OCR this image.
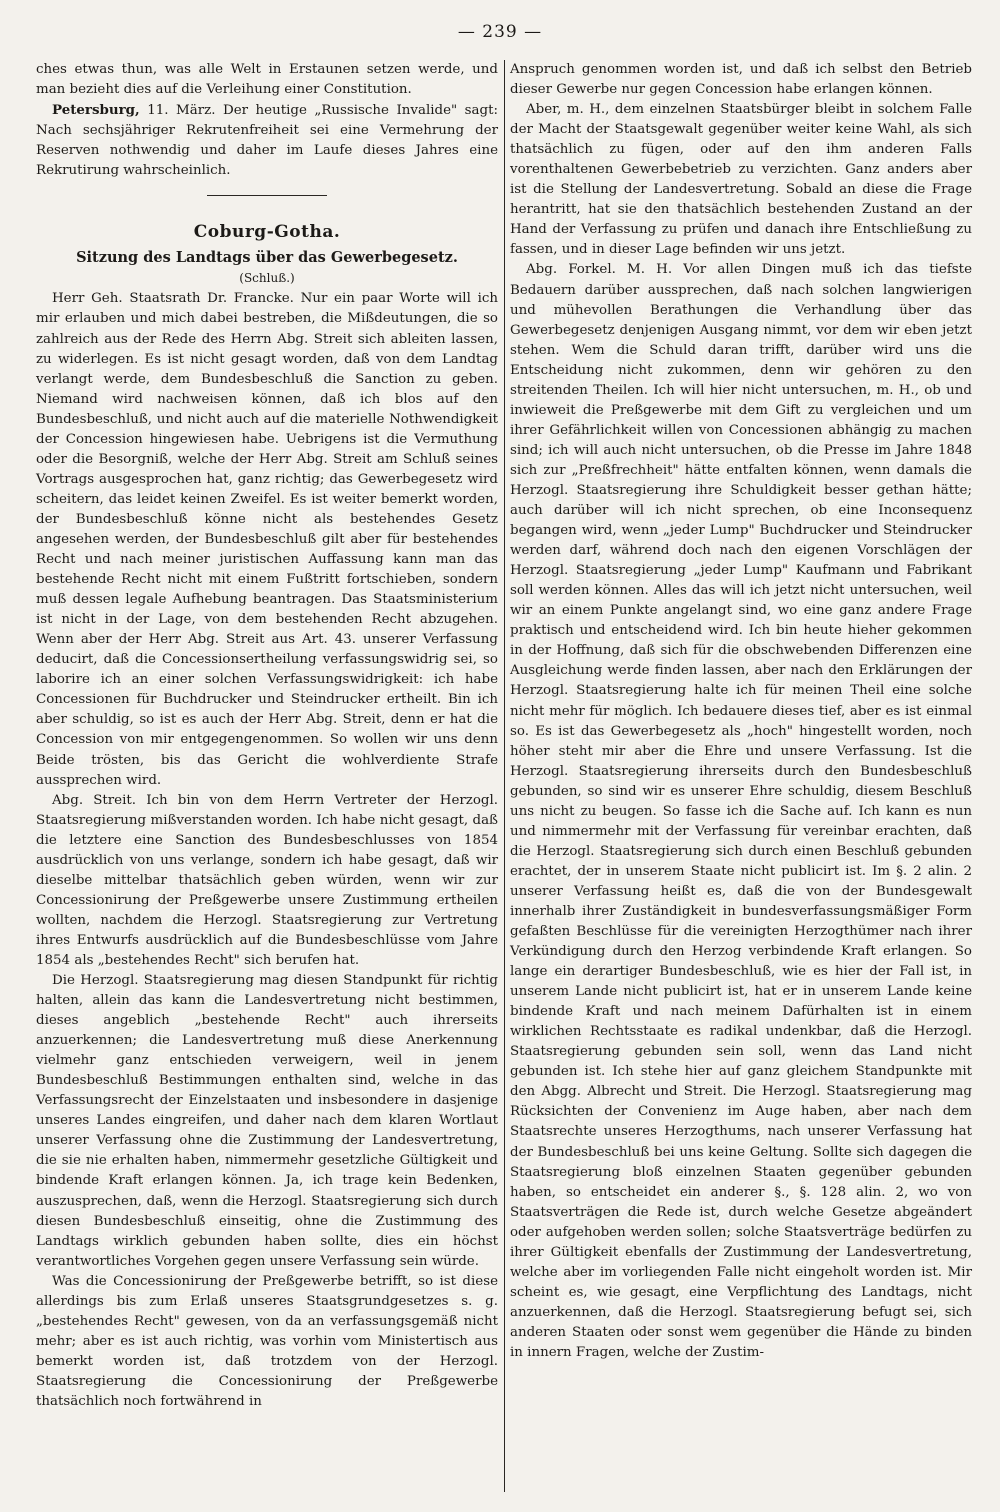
— 239 —

ches etwas thun, was alle Welt in Erstaunen setzen werde, und man bezieht dies auf die Verleihung einer Constitution.

Petersburg, 11. März. Der heutige „Russische Invalide" sagt: Nach sechsjähriger Rekrutenfreiheit sei eine Vermehrung der Reserven nothwendig und daher im Laufe dieses Jahres eine Rekrutirung wahrscheinlich.

Coburg-Gotha.
Sitzung des Landtags über das Gewerbegesetz.
(Schluß.)

Herr Geh. Staatsrath Dr. Francke. Nur ein paar Worte will ich mir erlauben und mich dabei bestreben, die Mißdeutungen, die so zahlreich aus der Rede des Herrn Abg. Streit sich ableiten lassen, zu widerlegen. Es ist nicht gesagt worden, daß von dem Landtag verlangt werde, dem Bundesbeschluß die Sanction zu geben. Niemand wird nachweisen können, daß ich blos auf den Bundesbeschluß, und nicht auch auf die materielle Nothwendigkeit der Concession hingewiesen habe. Uebrigens ist die Vermuthung oder die Besorgniß, welche der Herr Abg. Streit am Schluß seines Vortrags ausgesprochen hat, ganz richtig; das Gewerbegesetz wird scheitern, das leidet keinen Zweifel. Es ist weiter bemerkt worden, der Bundesbeschluß könne nicht als bestehendes Gesetz angesehen werden, der Bundesbeschluß gilt aber für bestehendes Recht und nach meiner juristischen Auffassung kann man das bestehende Recht nicht mit einem Fußtritt fortschieben, sondern muß dessen legale Aufhebung beantragen. Das Staatsministerium ist nicht in der Lage, von dem bestehenden Recht abzugehen. Wenn aber der Herr Abg. Streit aus Art. 43. unserer Verfassung deducirt, daß die Concessionsertheilung verfassungswidrig sei, so laborire ich an einer solchen Verfassungswidrigkeit: ich habe Concessionen für Buchdrucker und Steindrucker ertheilt. Bin ich aber schuldig, so ist es auch der Herr Abg. Streit, denn er hat die Concession von mir entgegengenommen. So wollen wir uns denn Beide trösten, bis das Gericht die wohlverdiente Strafe aussprechen wird.

Abg. Streit. Ich bin von dem Herrn Vertreter der Herzogl. Staatsregierung mißverstanden worden. Ich habe nicht gesagt, daß die letztere eine Sanction des Bundesbeschlusses von 1854 ausdrücklich von uns verlange, sondern ich habe gesagt, daß wir dieselbe mittelbar thatsächlich geben würden, wenn wir zur Concessionirung der Preßgewerbe unsere Zustimmung ertheilen wollten, nachdem die Herzogl. Staatsregierung zur Vertretung ihres Entwurfs ausdrücklich auf die Bundesbeschlüsse vom Jahre 1854 als „bestehendes Recht" sich berufen hat.

Die Herzogl. Staatsregierung mag diesen Standpunkt für richtig halten, allein das kann die Landesvertretung nicht bestimmen, dieses angeblich „bestehende Recht" auch ihrerseits anzuerkennen; die Landesvertretung muß diese Anerkennung vielmehr ganz entschieden verweigern, weil in jenem Bundesbeschluß Bestimmungen enthalten sind, welche in das Verfassungsrecht der Einzelstaaten und insbesondere in dasjenige unseres Landes eingreifen, und daher nach dem klaren Wortlaut unserer Verfassung ohne die Zustimmung der Landesvertretung, die sie nie erhalten haben, nimmermehr gesetzliche Gültigkeit und bindende Kraft erlangen können. Ja, ich trage kein Bedenken, auszusprechen, daß, wenn die Herzogl. Staatsregierung sich durch diesen Bundesbeschluß einseitig, ohne die Zustimmung des Landtags wirklich gebunden haben sollte, dies ein höchst verantwortliches Vorgehen gegen unsere Verfassung sein würde.

Was die Concessionirung der Preßgewerbe betrifft, so ist diese allerdings bis zum Erlaß unseres Staatsgrundgesetzes s. g. „bestehendes Recht" gewesen, von da an verfassungsgemäß nicht mehr; aber es ist auch richtig, was vorhin vom Ministertisch aus bemerkt worden ist, daß trotzdem von der Herzogl. Staatsregierung die Concessionirung der Preßgewerbe thatsächlich noch fortwährend in

Anspruch genommen worden ist, und daß ich selbst den Betrieb dieser Gewerbe nur gegen Concession habe erlangen können.

Aber, m. H., dem einzelnen Staatsbürger bleibt in solchem Falle der Macht der Staatsgewalt gegenüber weiter keine Wahl, als sich thatsächlich zu fügen, oder auf den ihm anderen Falls vorenthaltenen Gewerbebetrieb zu verzichten. Ganz anders aber ist die Stellung der Landesvertretung. Sobald an diese die Frage herantritt, hat sie den thatsächlich bestehenden Zustand an der Hand der Verfassung zu prüfen und danach ihre Entschließung zu fassen, und in dieser Lage befinden wir uns jetzt.

Abg. Forkel. M. H. Vor allen Dingen muß ich das tiefste Bedauern darüber aussprechen, daß nach solchen langwierigen und mühevollen Berathungen die Verhandlung über das Gewerbegesetz denjenigen Ausgang nimmt, vor dem wir eben jetzt stehen. Wem die Schuld daran trifft, darüber wird uns die Entscheidung nicht zukommen, denn wir gehören zu den streitenden Theilen. Ich will hier nicht untersuchen, m. H., ob und inwieweit die Preßgewerbe mit dem Gift zu vergleichen und um ihrer Gefährlichkeit willen von Concessionen abhängig zu machen sind; ich will auch nicht untersuchen, ob die Presse im Jahre 1848 sich zur „Preßfrechheit" hätte entfalten können, wenn damals die Herzogl. Staatsregierung ihre Schuldigkeit besser gethan hätte; auch darüber will ich nicht sprechen, ob eine Inconsequenz begangen wird, wenn „jeder Lump" Buchdrucker und Steindrucker werden darf, während doch nach den eigenen Vorschlägen der Herzogl. Staatsregierung „jeder Lump" Kaufmann und Fabrikant soll werden können. Alles das will ich jetzt nicht untersuchen, weil wir an einem Punkte angelangt sind, wo eine ganz andere Frage praktisch und entscheidend wird. Ich bin heute hieher gekommen in der Hoffnung, daß sich für die obschwebenden Differenzen eine Ausgleichung werde finden lassen, aber nach den Erklärungen der Herzogl. Staatsregierung halte ich für meinen Theil eine solche nicht mehr für möglich. Ich bedauere dieses tief, aber es ist einmal so. Es ist das Gewerbegesetz als „hoch" hingestellt worden, noch höher steht mir aber die Ehre und unsere Verfassung. Ist die Herzogl. Staatsregierung ihrerseits durch den Bundesbeschluß gebunden, so sind wir es unserer Ehre schuldig, diesem Beschluß uns nicht zu beugen. So fasse ich die Sache auf. Ich kann es nun und nimmermehr mit der Verfassung für vereinbar erachten, daß die Herzogl. Staatsregierung sich durch einen Beschluß gebunden erachtet, der in unserem Staate nicht publicirt ist. Im §. 2 alin. 2 unserer Verfassung heißt es, daß die von der Bundesgewalt innerhalb ihrer Zuständigkeit in bundesverfassungsmäßiger Form gefaßten Beschlüsse für die vereinigten Herzogthümer nach ihrer Verkündigung durch den Herzog verbindende Kraft erlangen. So lange ein derartiger Bundesbeschluß, wie es hier der Fall ist, in unserem Lande nicht publicirt ist, hat er in unserem Lande keine bindende Kraft und nach meinem Dafürhalten ist in einem wirklichen Rechtsstaate es radikal undenkbar, daß die Herzogl. Staatsregierung gebunden sein soll, wenn das Land nicht gebunden ist. Ich stehe hier auf ganz gleichem Standpunkte mit den Abgg. Albrecht und Streit. Die Herzogl. Staatsregierung mag Rücksichten der Convenienz im Auge haben, aber nach dem Staatsrechte unseres Herzogthums, nach unserer Verfassung hat der Bundesbeschluß bei uns keine Geltung. Sollte sich dagegen die Staatsregierung bloß einzelnen Staaten gegenüber gebunden haben, so entscheidet ein anderer §., §. 128 alin. 2, wo von Staatsverträgen die Rede ist, durch welche Gesetze abgeändert oder aufgehoben werden sollen; solche Staatsverträge bedürfen zu ihrer Gültigkeit ebenfalls der Zustimmung der Landesvertretung, welche aber im vorliegenden Falle nicht eingeholt worden ist. Mir scheint es, wie gesagt, eine Verpflichtung des Landtags, nicht anzuerkennen, daß die Herzogl. Staatsregierung befugt sei, sich anderen Staaten oder sonst wem gegenüber die Hände zu binden in innern Fragen, welche der Zustim-
